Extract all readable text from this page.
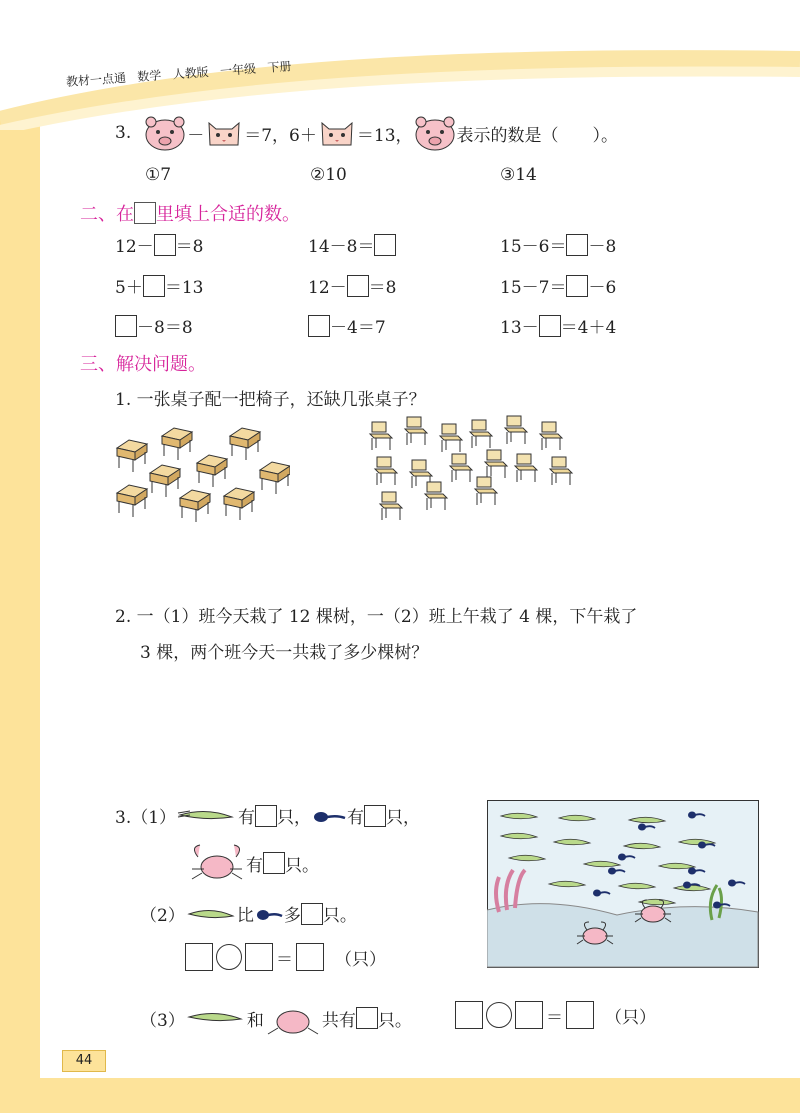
教材一点通 数学 人教版 一年级 下册
3.	－ ＝7，6＋ ＝13，	表示的数是（　　）。
①7	②10	③14
二、在 里填上合适的数。
12－ ＝8	14－8＝	15－6＝ －8
5＋ ＝13	12－ ＝8	15－7＝ －6
－8＝8	－4＝7	13－ ＝4＋4
三、解决问题。
1. 一张桌子配一把椅子，还缺几张桌子？
2. 一（1）班今天栽了 12 棵树，一（2）班上午栽了 4 棵，下午栽了
3 棵，两个班今天一共栽了多少棵树？
3.（1）	有 只， 有 只，
有 只。
（2）	比 多 只。
＝ （只）
（3）	和	共有 只。	＝ （只）
44
